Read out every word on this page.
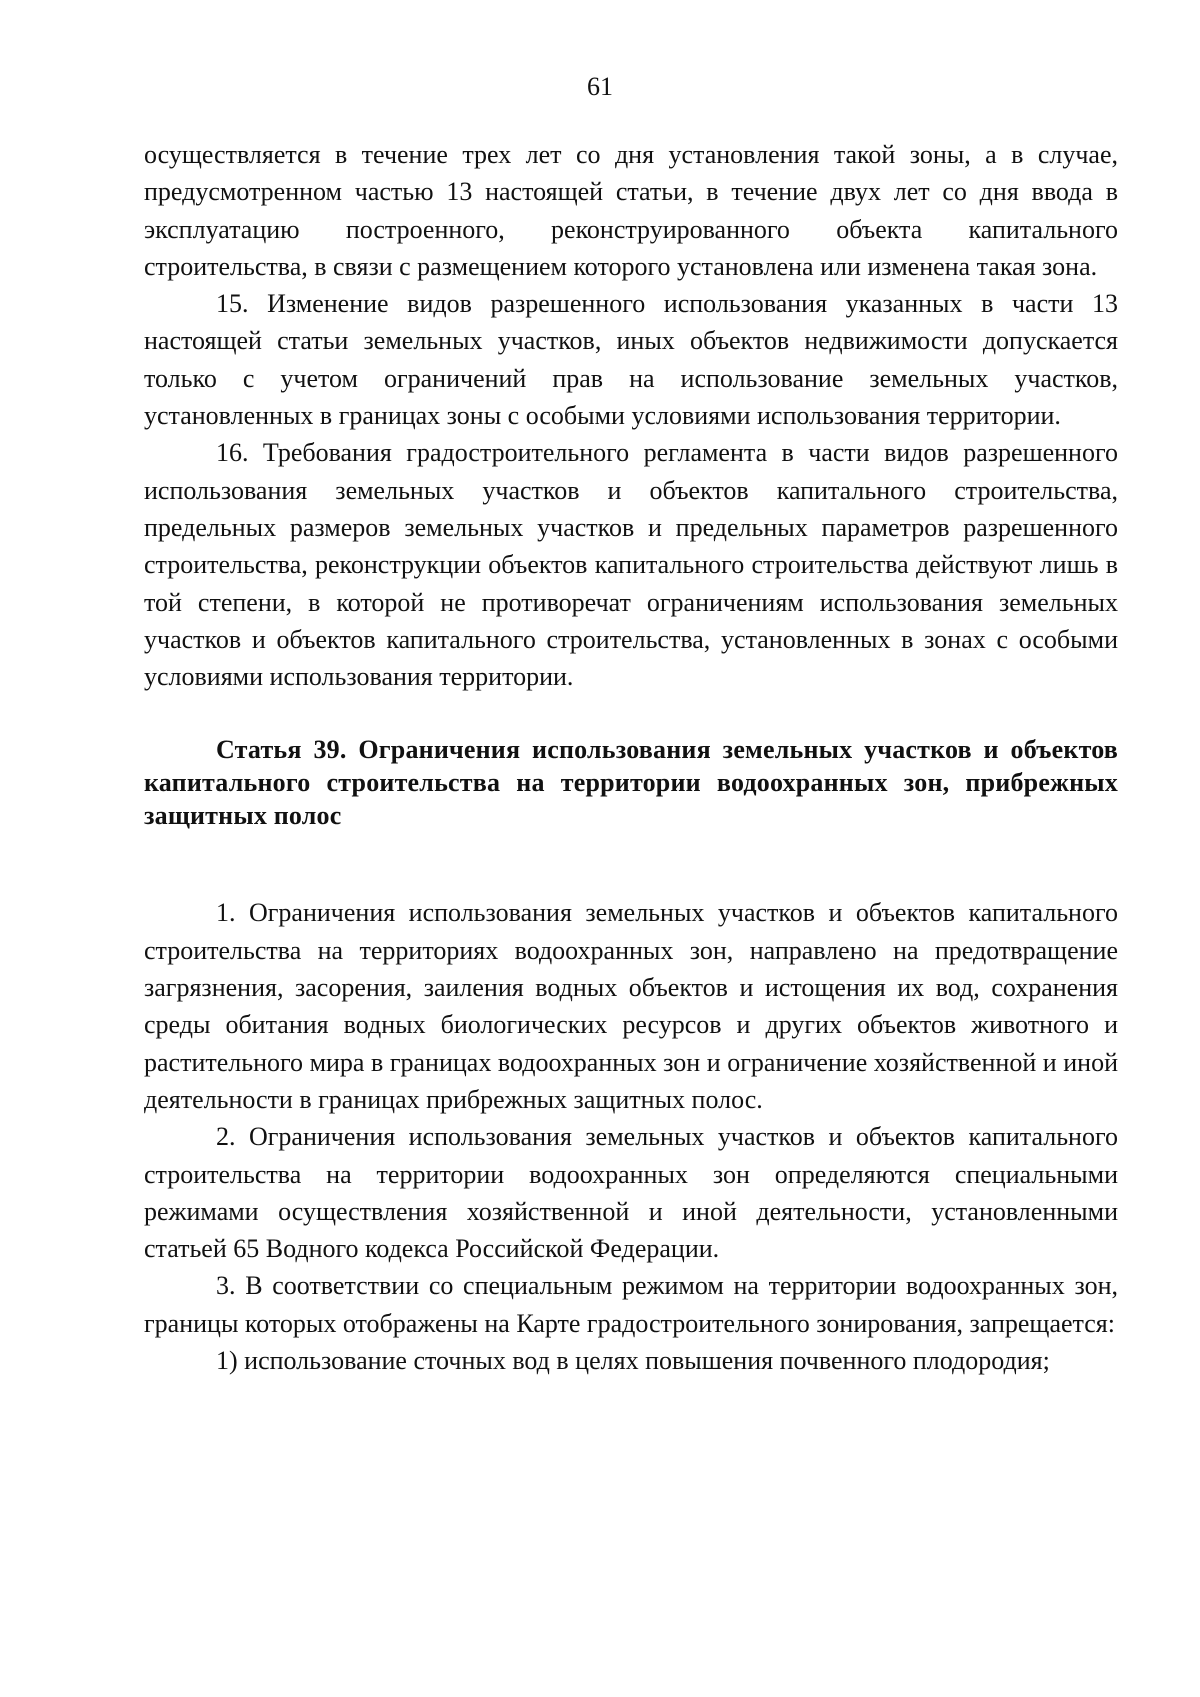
61

осуществляется в течение трех лет со дня установления такой зоны, а в случае, предусмотренном частью 13 настоящей статьи, в течение двух лет со дня ввода в эксплуатацию построенного, реконструированного объекта капитального строительства, в связи с размещением которого установлена или изменена такая зона.

15. Изменение видов разрешенного использования указанных в части 13 настоящей статьи земельных участков, иных объектов недвижимости допускается только с учетом ограничений прав на использование земельных участков, установленных в границах зоны с особыми условиями использования территории.

16. Требования градостроительного регламента в части видов разрешенного использования земельных участков и объектов капитального строительства, предельных размеров земельных участков и предельных параметров разрешенного строительства, реконструкции объектов капитального строительства действуют лишь в той степени, в которой не противоречат ограничениям использования земельных участков и объектов капитального строительства, установленных в зонах с особыми условиями использования территории.

Статья 39. Ограничения использования земельных участков и объектов капитального строительства на территории водоохранных зон, прибрежных защитных полос

1. Ограничения использования земельных участков и объектов капитального строительства на территориях водоохранных зон, направлено на предотвращение загрязнения, засорения, заиления водных объектов и истощения их вод, сохранения среды обитания водных биологических ресурсов и других объектов животного и растительного мира в границах водоохранных зон и ограничение хозяйственной и иной деятельности в границах прибрежных защитных полос.

2. Ограничения использования земельных участков и объектов капитального строительства на территории водоохранных зон определяются специальными режимами осуществления хозяйственной и иной деятельности, установленными статьей 65 Водного кодекса Российской Федерации.

3. В соответствии со специальным режимом на территории водоохранных зон, границы которых отображены на Карте градостроительного зонирования, запрещается:

1) использование сточных вод в целях повышения почвенного плодородия;
